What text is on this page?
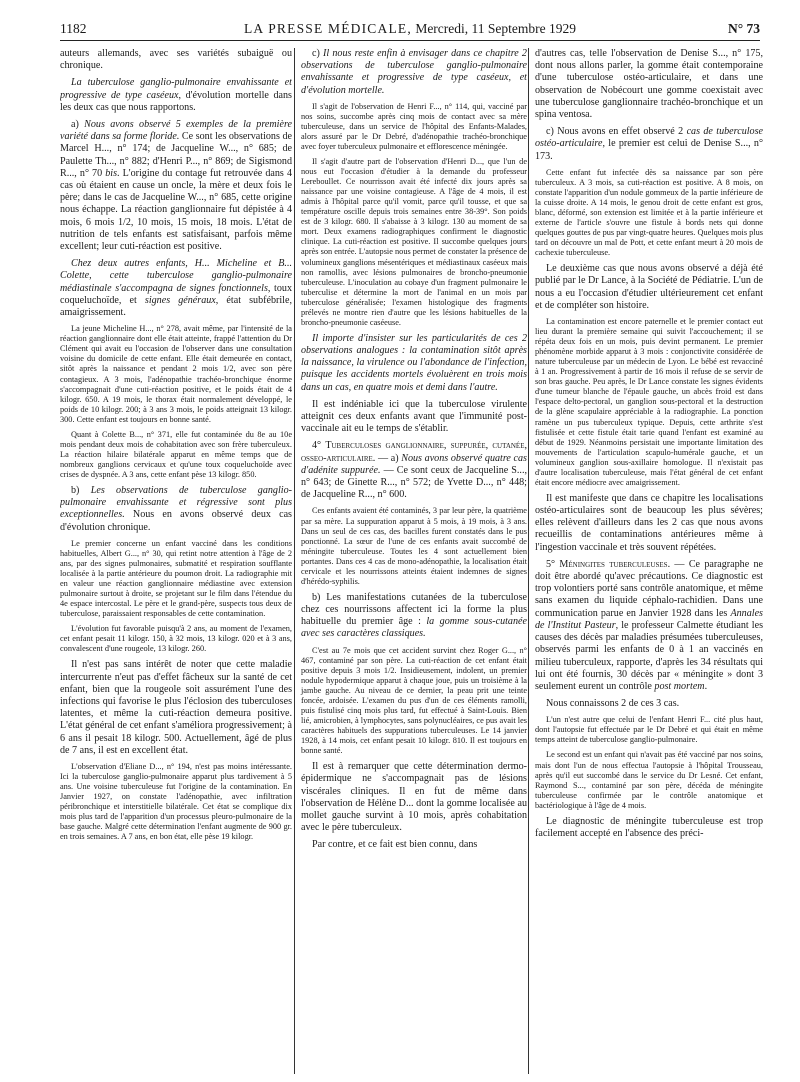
1182	LA PRESSE MÉDICALE, Mercredi, 11 Septembre 1929	N° 73

auteurs allemands, avec ses variétés subaiguë ou chronique.

La tuberculose ganglio-pulmonaire envahissante et progressive de type caséeux, d'évolution mortelle dans les deux cas que nous rapportons.

a) Nous avons observé 5 exemples de la première variété dans sa forme floride. Ce sont les observations de Marcel H..., n° 174; de Jacqueline W..., n° 685; de Paulette Th..., n° 882; d'Henri P..., n° 869; de Sigismond R..., n° 70 bis. L'origine du contage fut retrouvée dans 4 cas où étaient en cause un oncle, la mère et deux fois le père; dans le cas de Jacqueline W..., n° 685, cette origine nous échappe. La réaction ganglionnaire fut dépistée à 4 mois, 6 mois 1/2, 10 mois, 15 mois, 18 mois. L'état de nutrition de tels enfants est satisfaisant, parfois même excellent; leur cuti-réaction est positive.

Chez deux autres enfants, H... Micheline et B... Colette, cette tuberculose ganglio-pulmonaire médiastinale s'accompagna de signes fonctionnels, toux coqueluchoïde, et signes généraux, état subfébrile, amaigrissement.

La jeune Micheline H..., n° 278, avait même, par l'intensité de la réaction ganglionnaire dont elle était atteinte, frappé l'attention du Dr Clément qui avait eu l'occasion de l'observer dans une consultation voisine du domicile de cette enfant. Elle était demeurée en contact, sitôt après la naissance et pendant 2 mois 1/2, avec son père contagieux. A 3 mois, l'adénopathie trachéo-bronchique énorme s'accompagnait d'une cuti-réaction positive, et le poids était de 4 kilogr. 650. A 19 mois, le thorax était normalement développé, le poids de 10 kilogr. 200; à 3 ans 3 mois, le poids atteignait 13 kilogr. 300. Cette enfant est toujours en bonne santé.

Quant à Colette B..., n° 371, elle fut contaminée du 8e au 10e mois pendant deux mois de cohabitation avec son frère tuberculeux. La réaction hilaire bilatérale apparut en même temps que de nombreux ganglions cervicaux et qu'une toux coqueluchoïde avec crises de dyspnée. A 3 ans, cette enfant pèse 13 kilogr. 850.

b) Les observations de tuberculose ganglio-pulmonaire envahissante et régressive sont plus exceptionnelles. Nous en avons observé deux cas d'évolution chronique.

Le premier concerne un enfant vacciné dans les conditions habituelles, Albert G..., n° 30, qui retint notre attention à l'âge de 2 ans, par des signes pulmonaires, submatité et respiration soufflante localisée à la partie antérieure du poumon droit. La radiographie mit en valeur une réaction ganglionnaire médiastine avec extension pulmonaire surtout à droite, se projetant sur le film dans l'étendue du 4e espace intercostal. Le père et le grand-père, suspects tous deux de tuberculose, paraissaient responsables de cette contamination.

L'évolution fut favorable puisqu'à 2 ans, au moment de l'examen, cet enfant pesait 11 kilogr. 150, à 32 mois, 13 kilogr. 020 et à 3 ans, convalescent d'une rougeole, 13 kilogr. 260.

Il n'est pas sans intérêt de noter que cette maladie intercurrente n'eut pas d'effet fâcheux sur la santé de cet enfant, bien que la rougeole soit assurément l'une des infections qui favorise le plus l'éclosion des tuberculoses latentes, et même la cuti-réaction demeura positive. L'état général de cet enfant s'améliora progressivement; à 6 ans il pesait 18 kilogr. 500. Actuellement, âgé de plus de 7 ans, il est en excellent état.

L'observation d'Eliane D..., n° 194, n'est pas moins intéressante. Ici la tuberculose ganglio-pulmonaire apparut plus tardivement à 5 ans. Une voisine tuberculeuse fut l'origine de la contamination. En Janvier 1927, on constate l'adénopathie, avec infiltration péribronchique et interstitielle bilatérale. Cet état se complique dix mois plus tard de l'apparition d'un processus pleuro-pulmonaire de la base gauche. Malgré cette détermination l'enfant augmente de 900 gr. en trois semaines. A 7 ans, en bon état, elle pèse 19 kilogr.

c) Il nous reste enfin à envisager dans ce chapitre 2 observations de tuberculose ganglio-pulmonaire envahissante et progressive de type caséeux, et d'évolution mortelle.

Il s'agit de l'observation de Henri F..., n° 114, qui, vacciné par nos soins, succombe après cinq mois de contact avec sa mère tuberculeuse, dans un service de l'hôpital des Enfants-Malades, alors assuré par le Dr Debré, d'adénopathie trachéo-bronchique avec foyer tuberculeux pulmonaire et efflorescence méningée.

Il s'agit d'autre part de l'observation d'Henri D..., que l'un de nous eut l'occasion d'étudier à la demande du professeur Lereboullet. Ce nourrisson avait été infecté dix jours après sa naissance par une voisine contagieuse. A l'âge de 4 mois, il est admis à l'hôpital parce qu'il vomit, parce qu'il tousse, et que sa température oscille depuis trois semaines entre 38-39°. Son poids est de 3 kilogr. 680. Il s'abaisse à 3 kilogr. 130 au moment de sa mort. Deux examens radiographiques confirment le diagnostic clinique. La cuti-réaction est positive. Il succombe quelques jours après son entrée. L'autopsie nous permet de constater la présence de volumineux ganglions mésentériques et médiastinaux caséeux mais non ramollis, avec lésions pulmonaires de broncho-pneumonie tuberculeuse. L'inoculation au cobaye d'un fragment pulmonaire le tuberculise et détermine la mort de l'animal en un mois par tuberculose généralisée; l'examen histologique des fragments prélevés ne montre rien d'autre que les lésions habituelles de la broncho-pneumonie caséeuse.

Il importe d'insister sur les particularités de ces 2 observations analogues : la contamination sitôt après la naissance, la virulence ou l'abondance de l'infection, puisque les accidents mortels évoluèrent en trois mois dans un cas, en quatre mois et demi dans l'autre.

Il est indéniable ici que la tuberculose virulente atteignit ces deux enfants avant que l'immunité post-vaccinale ait eu le temps de s'établir.

4° Tuberculoses ganglionnaire, suppurée, cutanée, osseo-articulaire. — a) Nous avons observé quatre cas d'adénite suppurée. — Ce sont ceux de Jacqueline S..., n° 643; de Ginette R..., n° 572; de Yvette D..., n° 448; de Jacqueline R..., n° 600.

Ces enfants avaient été contaminés, 3 par leur père, la quatrième par sa mère. La suppuration apparut à 5 mois, à 19 mois, à 3 ans. Dans un seul de ces cas, des bacilles furent constatés dans le pus ponctionné. La sœur de l'une de ces enfants avait succombé de méningite tuberculeuse. Toutes les 4 sont actuellement bien portantes. Dans ces 4 cas de mono-adénopathie, la localisation était cervicale et les nourrissons atteints étaient indemnes de signes d'hérédo-syphilis.

b) Les manifestations cutanées de la tuberculose chez ces nourrissons affectent ici la forme la plus habituelle du premier âge : la gomme sous-cutanée avec ses caractères classiques.

C'est au 7e mois que cet accident survint chez Roger G..., n° 467, contaminé par son père. La cuti-réaction de cet enfant était positive depuis 3 mois 1/2. Insidieusement, indolent, un premier nodule hypodermique apparut à chaque joue, puis un troisième à la jambe gauche. Au niveau de ce dernier, la peau prit une teinte foncée, ardoisée. L'examen du pus d'un de ces éléments ramolli, puis fistulisé cinq mois plus tard, fut effectué à Saint-Louis. Bien lié, amicrobien, à lymphocytes, sans polynucléaires, ce pus avait les caractères habituels des suppurations tuberculeuses. Le 14 janvier 1928, à 14 mois, cet enfant pesait 10 kilogr. 810. Il est toujours en bonne santé.

Il est à remarquer que cette détermination dermo-épidermique ne s'accompagnait pas de lésions viscérales cliniques. Il en fut de même dans l'observation de Hélène D... dont la gomme localisée au mollet gauche survint à 10 mois, après cohabitation avec le père tuberculeux.

Par contre, et ce fait est bien connu, dans

d'autres cas, telle l'observation de Denise S..., n° 175, dont nous allons parler, la gomme était contemporaine d'une tuberculose ostéo-articulaire, et dans une observation de Nobécourt une gomme coexistait avec une tuberculose ganglionnaire trachéo-bronchique et un spina ventosa.

c) Nous avons en effet observé 2 cas de tuberculose ostéo-articulaire, le premier est celui de Denise S..., n° 173.

Cette enfant fut infectée dès sa naissance par son père tuberculeux. A 3 mois, sa cuti-réaction est positive. A 8 mois, on constate l'apparition d'un nodule gommeux de la partie inférieure de la cuisse droite. A 14 mois, le genou droit de cette enfant est gros, blanc, déformé, son extension est limitée et à la partie inférieure et externe de l'article s'ouvre une fistule à bords nets qui donne quelques gouttes de pus par vingt-quatre heures. Quelques mois plus tard on découvre un mal de Pott, et cette enfant meurt à 20 mois de cachexie tuberculeuse.

Le deuxième cas que nous avons observé a déjà été publié par le Dr Lance, à la Société de Pédiatrie. L'un de nous a eu l'occasion d'étudier ultérieurement cet enfant et de compléter son histoire.

La contamination est encore paternelle et le premier contact eut lieu durant la première semaine qui suivit l'accouchement; il se répéta deux fois en un mois, puis devint permanent. Le premier phénomène morbide apparut à 3 mois : conjonctivite considérée de nature tuberculeuse par un médecin de Lyon. Le bébé est revacciné à 1 an. Progressivement à partir de 16 mois il refuse de se servir de son bras gauche. Peu après, le Dr Lance constate les signes évidents d'une tumeur blanche de l'épaule gauche, un abcès froid est dans l'espace delto-pectoral, un ganglion sous-pectoral et la destruction de la glène scapulaire appréciable à la radiographie. La ponction ramène un pus tuberculeux typique. Depuis, cette arthrite s'est fistulisée et cette fistule était tarie quand l'enfant est examiné au début de 1929. Néanmoins persistait une importante limitation des mouvements de l'articulation scapulo-humérale gauche, et un volumineux ganglion sous-axillaire homologue. Il n'existait pas d'autre localisation tuberculeuse, mais l'état général de cet enfant était encore médiocre avec amaigrissement.

Il est manifeste que dans ce chapitre les localisations ostéo-articulaires sont de beaucoup les plus sévères; elles relèvent d'ailleurs dans les 2 cas que nous avons recueillis de contaminations antérieures même à l'ingestion vaccinale et très souvent répétées.

5° Méningites tuberculeuses. — Ce paragraphe ne doit être abordé qu'avec précautions. Ce diagnostic est trop volontiers porté sans contrôle anatomique, et même sans examen du liquide céphalo-rachidien. Dans une communication parue en Janvier 1928 dans les Annales de l'Institut Pasteur, le professeur Calmette étudiant les causes des décès par maladies présumées tuberculeuses, observés parmi les enfants de 0 à 1 an vaccinés en milieu tuberculeux, rapporte, d'après les 34 résultats qui lui ont été fournis, 30 décès par « méningite » dont 3 seulement eurent un contrôle post mortem.

Nous connaissons 2 de ces 3 cas.

L'un n'est autre que celui de l'enfant Henri F... cité plus haut, dont l'autopsie fut effectuée par le Dr Debré et qui était en même temps atteint de tuberculose ganglio-pulmonaire.

Le second est un enfant qui n'avait pas été vacciné par nos soins, mais dont l'un de nous effectua l'autopsie à l'hôpital Trousseau, après qu'il eut succombé dans le service du Dr Lesné. Cet enfant, Raymond S..., contaminé par son père, décéda de méningite tuberculeuse confirmée par le contrôle anatomique et bactériologique à l'âge de 4 mois.

Le diagnostic de méningite tuberculeuse est trop facilement accepté en l'absence des préci-
